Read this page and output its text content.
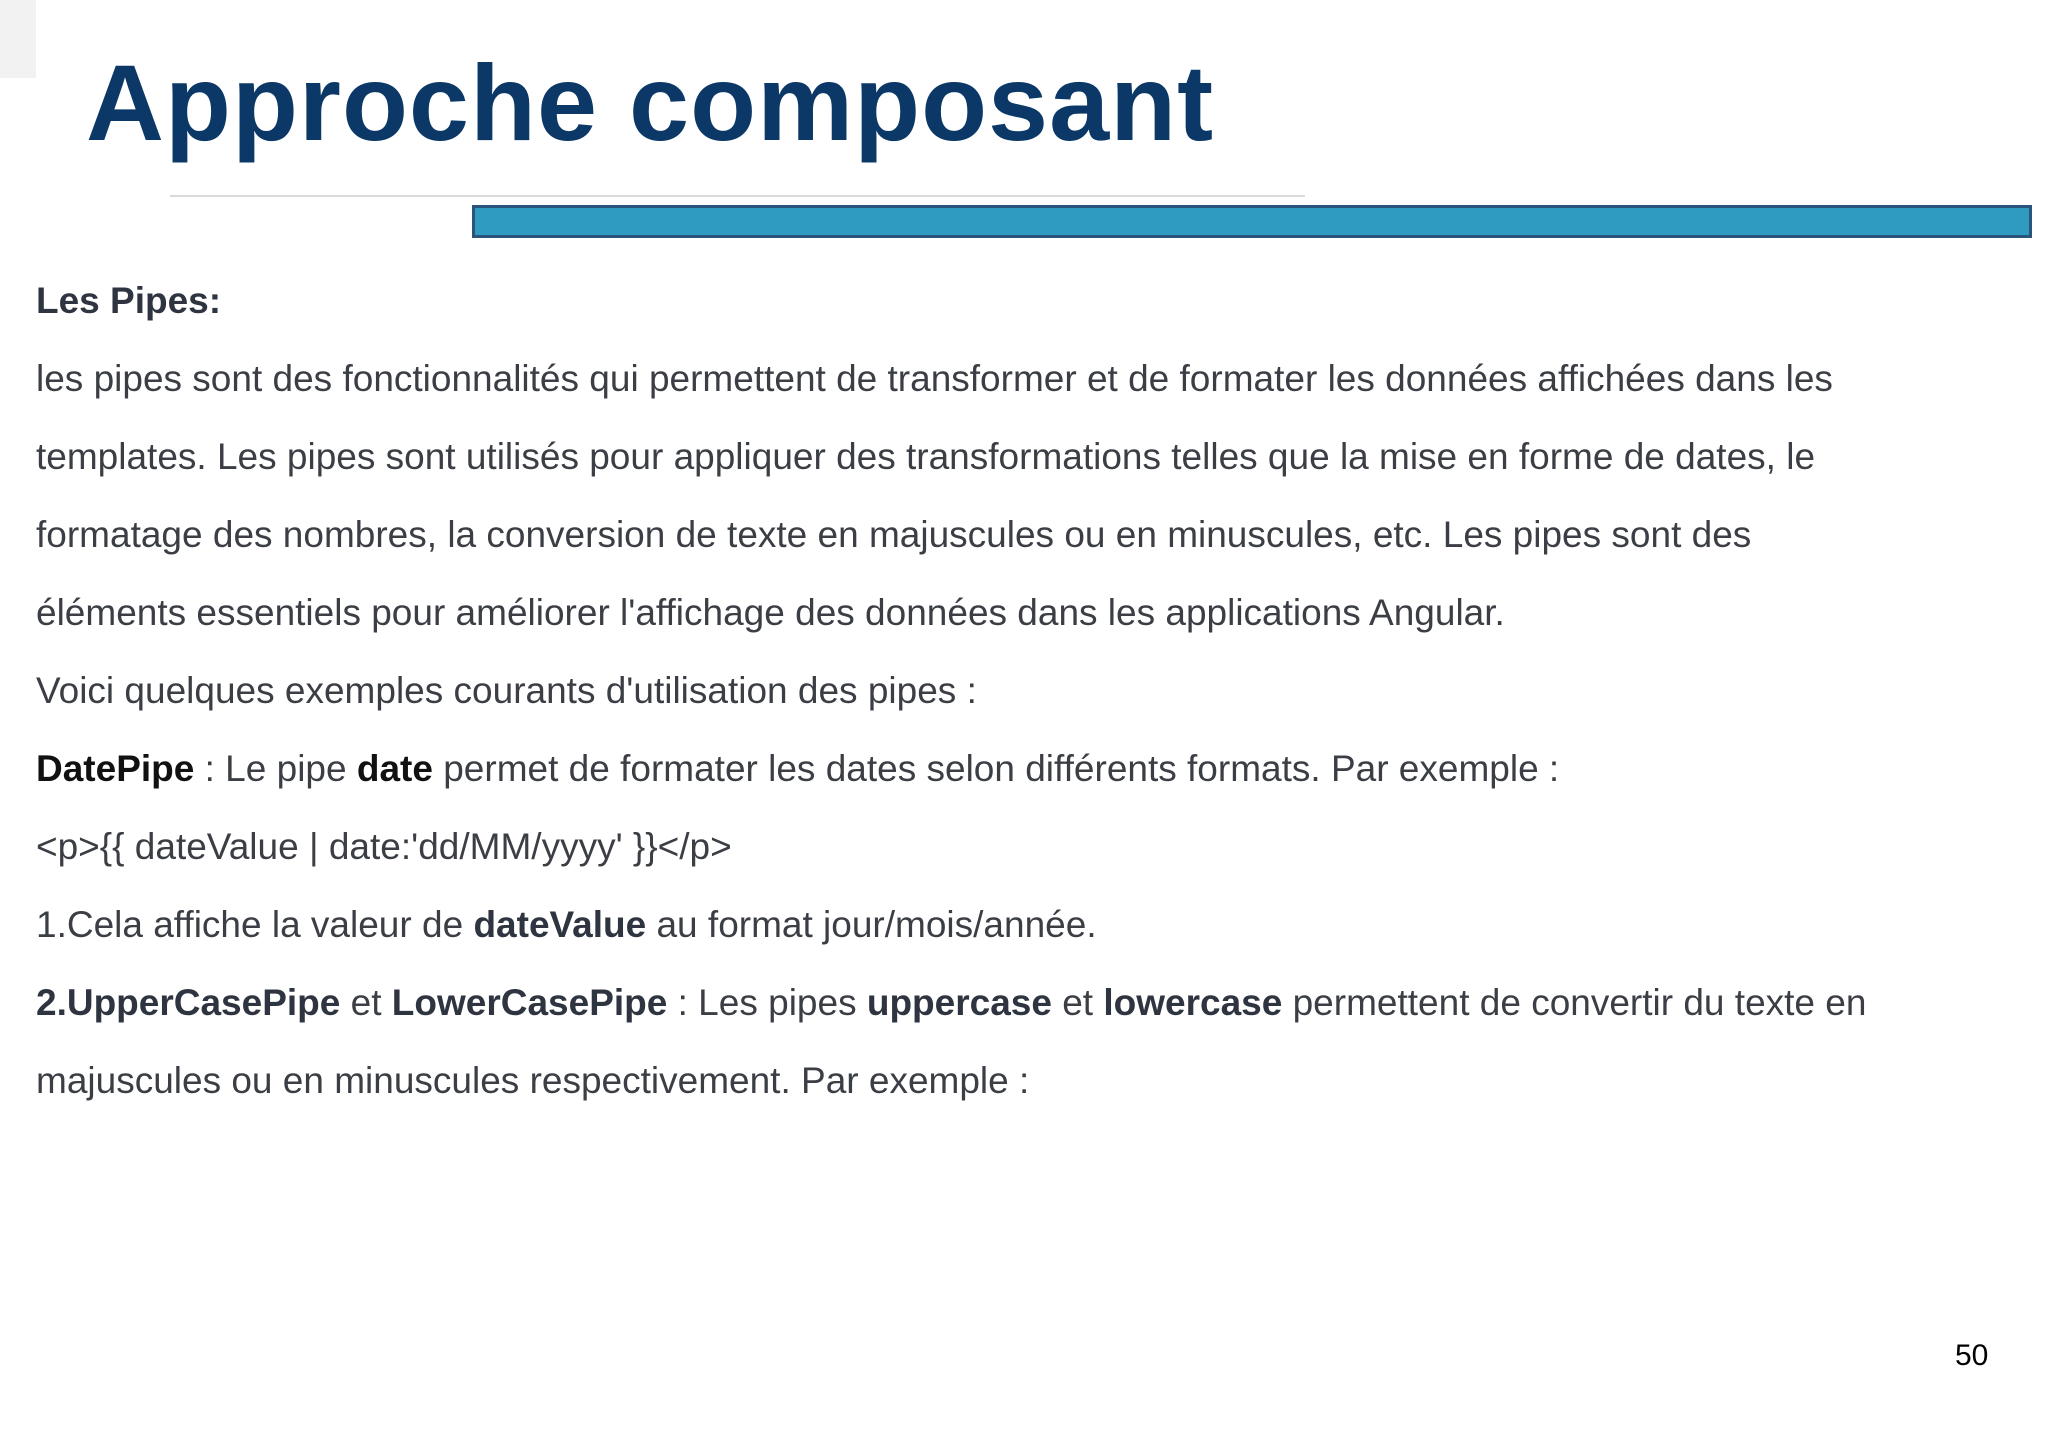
Approche composant

Les Pipes:

les pipes sont des fonctionnalités qui permettent de transformer et de formater les données affichées dans les

templates. Les pipes sont utilisés pour appliquer des transformations telles que la mise en forme de dates, le

formatage des nombres, la conversion de texte en majuscules ou en minuscules, etc. Les pipes sont des

éléments essentiels pour améliorer l'affichage des données dans les applications Angular.

Voici quelques exemples courants d'utilisation des pipes :

DatePipe : Le pipe date permet de formater les dates selon différents formats. Par exemple :

<p>{{ dateValue | date:'dd/MM/yyyy' }}</p>

1.Cela affiche la valeur de dateValue au format jour/mois/année.

2.UpperCasePipe et LowerCasePipe : Les pipes uppercase et lowercase permettent de convertir du texte en

majuscules ou en minuscules respectivement. Par exemple :

50
